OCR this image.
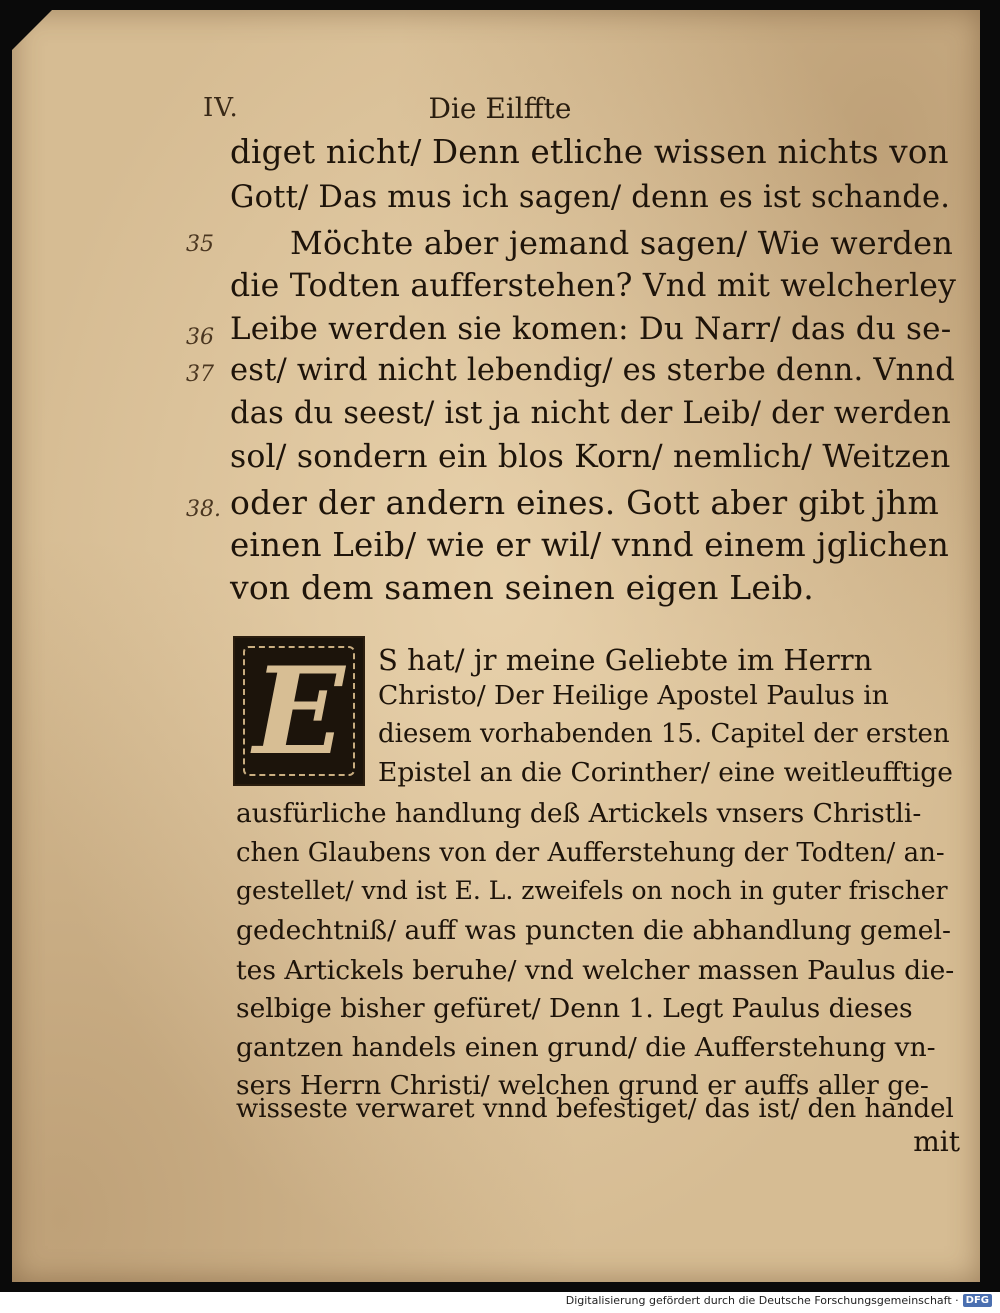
IV.	Die Eilffte
35
36
37
38.
diget nicht/ Denn etliche wissen nichts von
Gott/ Das mus ich sagen/ denn es ist schande.
Möchte aber jemand sagen/ Wie werden
die Todten aufferstehen? Vnd mit welcherley
Leibe werden sie komen: Du Narr/ das du se-
est/ wird nicht lebendig/ es sterbe denn. Vnnd
das du seest/ ist ja nicht der Leib/ der werden
sol/ sondern ein blos Korn/ nemlich/ Weitzen
oder der andern eines. Gott aber gibt jhm
einen Leib/ wie er wil/ vnnd einem jglichen
von dem samen seinen eigen Leib.
E	S hat/ jr meine Geliebte im Herrn
Christo/ Der Heilige Apostel Paulus in
diesem vorhabenden 15. Capitel der ersten
Epistel an die Corinther/ eine weitleufftige
ausfürliche handlung deß Artickels vnsers Christli-
chen Glaubens von der Aufferstehung der Todten/ an-
gestellet/ vnd ist E. L. zweifels on noch in guter frischer
gedechtniß/ auff was puncten die abhandlung gemel-
tes Artickels beruhe/ vnd welcher massen Paulus die-
selbige bisher gefüret/ Denn 1. Legt Paulus dieses
gantzen handels einen grund/ die Aufferstehung vn-
sers Herrn Christi/ welchen grund er auffs aller ge-
wisseste verwaret vnnd befestiget/ das ist/ den handel
mit
Digitalisierung gefördert durch die Deutsche Forschungsgemeinschaft · DFG
